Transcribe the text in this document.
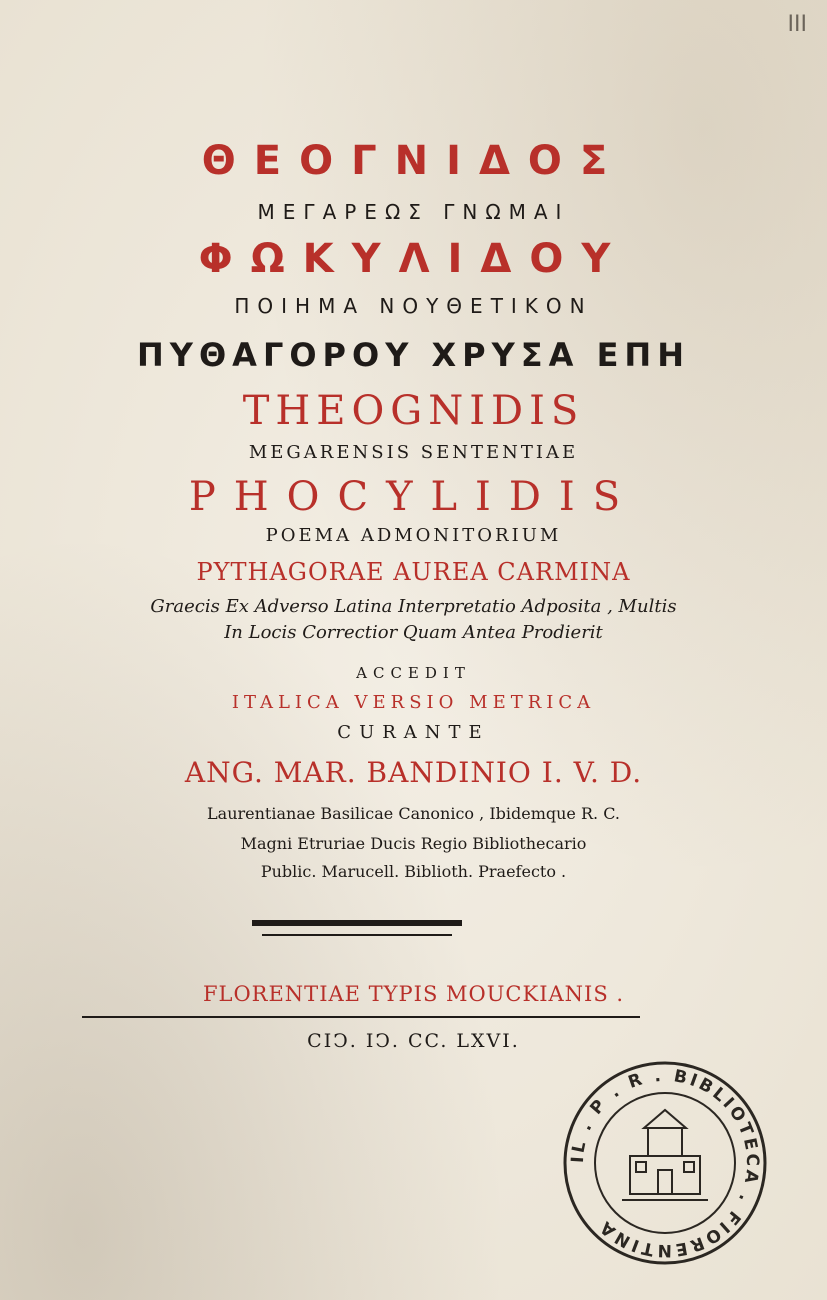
III
ΘΕΟΓΝΙΔΟΣ
ΜΕΓΑΡΕΩΣ ΓΝΩΜΑΙ
ΦΩΚΥΛΙΔΟΥ
ΠΟΙΗΜΑ ΝΟΥΘΕΤΙΚΟΝ
ΠΥΘΑΓΟΡΟΥ ΧΡΥΣΑ ΕΠΗ
THEOGNIDIS
MEGARENSIS SENTENTIAE
PHOCYLIDIS
POEMA ADMONITORIUM
PYTHAGORAE AUREA CARMINA
Graecis Ex Adverso Latina Interpretatio Adposita , Multis
In Locis Correctior Quam Antea Prodierit
ACCEDIT
ITALICA VERSIO METRICA
CURANTE
ANG. MAR. BANDINIO I. V. D.
Laurentianae Basilicae Canonico , Ibidemque R. C.
Magni Etruriae Ducis Regio Bibliothecario
Public. Marucell. Biblioth. Praefecto .
FLORENTIAE TYPIS MOUCKIANIS .
CIↃ. IↃ. CC. LXVI.
IL . P . R . BIBLIOTECA . FIORENTINA
